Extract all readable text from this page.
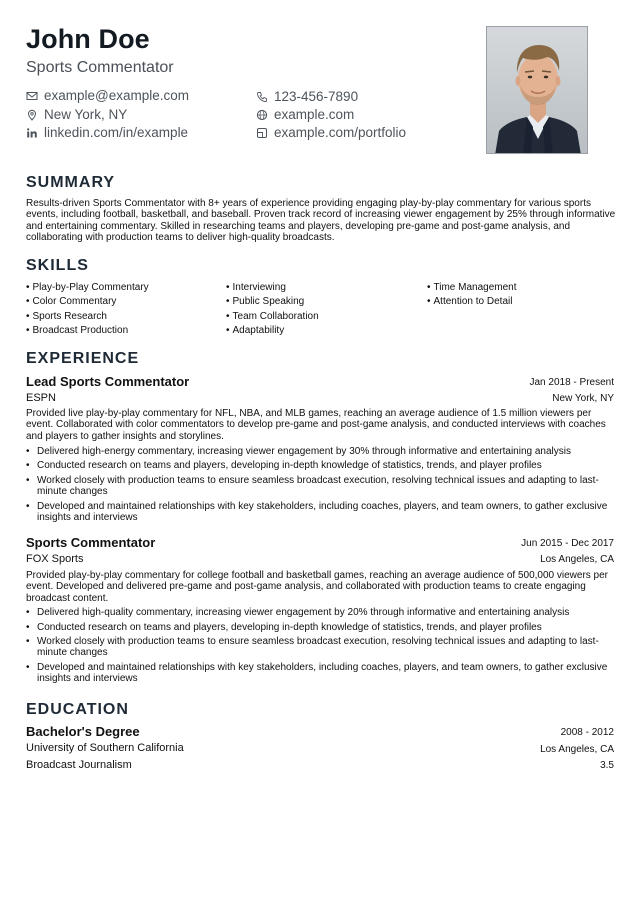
John Doe
Sports Commentator
example@example.com	123-456-7890
New York, NY	example.com
linkedin.com/in/example	example.com/portfolio
SUMMARY
Results-driven Sports Commentator with 8+ years of experience providing engaging play-by-play commentary for various sports events, including football, basketball, and baseball. Proven track record of increasing viewer engagement by 25% through informative and entertaining commentary. Skilled in researching teams and players, developing pre-game and post-game analysis, and collaborating with production teams to deliver high-quality broadcasts.
SKILLS
• Play-by-Play Commentary
• Color Commentary
• Sports Research
• Broadcast Production
• Interviewing
• Public Speaking
• Team Collaboration
• Adaptability
• Time Management
• Attention to Detail
EXPERIENCE
Lead Sports Commentator	Jan 2018 - Present
ESPN	New York, NY
Provided live play-by-play commentary for NFL, NBA, and MLB games, reaching an average audience of 1.5 million viewers per event. Collaborated with color commentators to develop pre-game and post-game analysis, and conducted interviews with coaches and players to gather insights and storylines.
• Delivered high-energy commentary, increasing viewer engagement by 30% through informative and entertaining analysis
• Conducted research on teams and players, developing in-depth knowledge of statistics, trends, and player profiles
• Worked closely with production teams to ensure seamless broadcast execution, resolving technical issues and adapting to last-minute changes
• Developed and maintained relationships with key stakeholders, including coaches, players, and team owners, to gather exclusive insights and interviews
Sports Commentator	Jun 2015 - Dec 2017
FOX Sports	Los Angeles, CA
Provided play-by-play commentary for college football and basketball games, reaching an average audience of 500,000 viewers per event. Developed and delivered pre-game and post-game analysis, and collaborated with production teams to create engaging broadcast content.
• Delivered high-quality commentary, increasing viewer engagement by 20% through informative and entertaining analysis
• Conducted research on teams and players, developing in-depth knowledge of statistics, trends, and player profiles
• Worked closely with production teams to ensure seamless broadcast execution, resolving technical issues and adapting to last-minute changes
• Developed and maintained relationships with key stakeholders, including coaches, players, and team owners, to gather exclusive insights and interviews
EDUCATION
Bachelor's Degree	2008 - 2012
University of Southern California	Los Angeles, CA
Broadcast Journalism	3.5
